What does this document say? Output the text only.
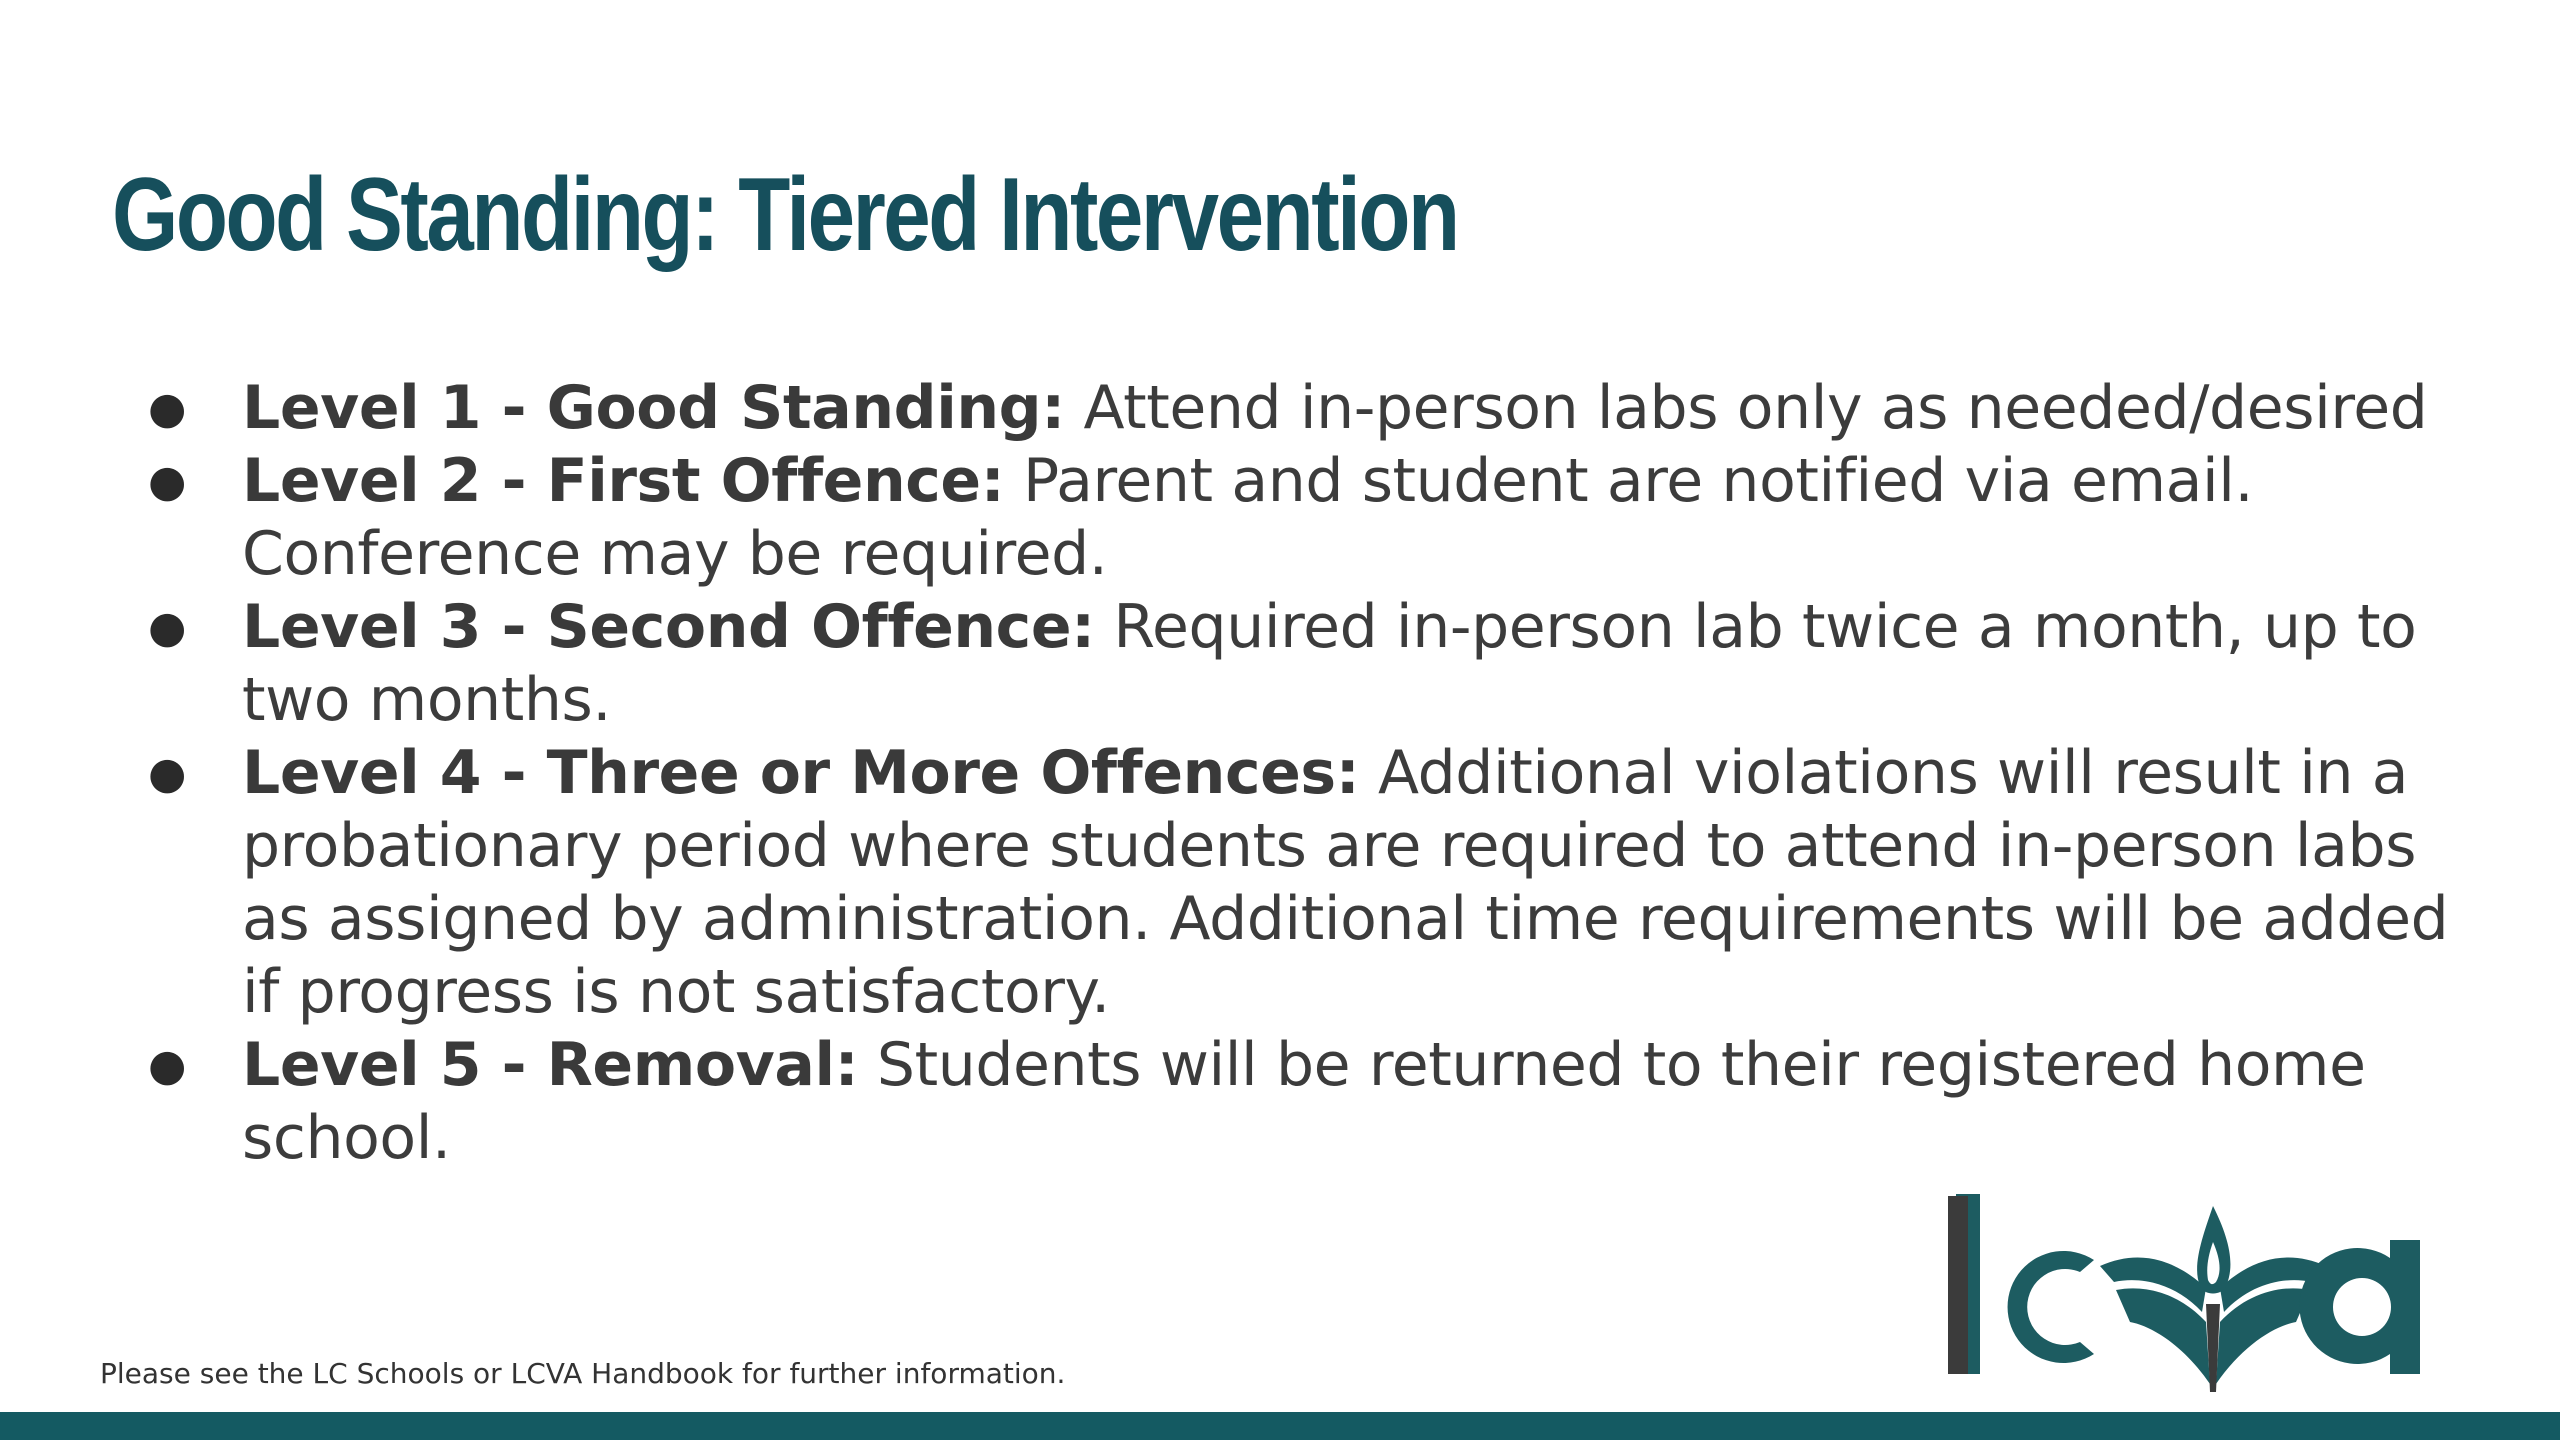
Good Standing: Tiered Intervention
● Level 1 - Good Standing: Attend in-person labs only as needed/desired
● Level 2 - First Offence: Parent and student are notified via email. Conference may be required.
● Level 3 - Second Offence: Required in-person lab twice a month, up to two months.
● Level 4 - Three or More Offences: Additional violations will result in a probationary period where students are required to attend in-person labs as assigned by administration. Additional time requirements will be added if progress is not satisfactory.
● Level 5 - Removal: Students will be returned to their registered home school.
Please see the LC Schools or LCVA Handbook for further information.
